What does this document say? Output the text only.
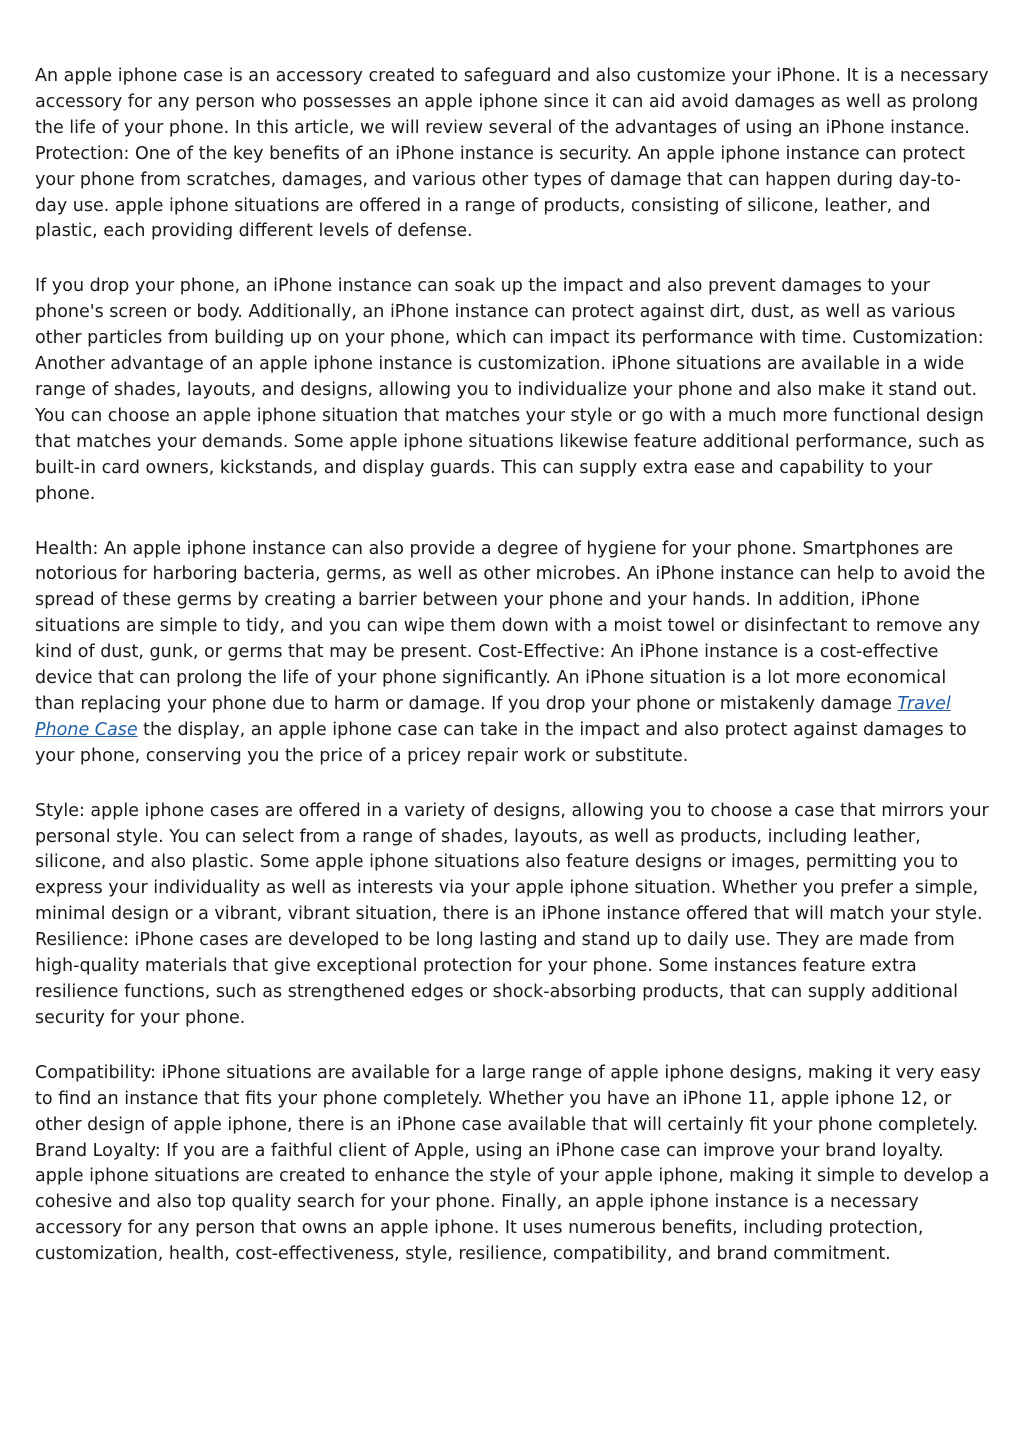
An apple iphone case is an accessory created to safeguard and also customize your iPhone. It is a necessary accessory for any person who possesses an apple iphone since it can aid avoid damages as well as prolong the life of your phone. In this article, we will review several of the advantages of using an iPhone instance. Protection: One of the key benefits of an iPhone instance is security. An apple iphone instance can protect your phone from scratches, damages, and various other types of damage that can happen during day-to-day use. apple iphone situations are offered in a range of products, consisting of silicone, leather, and plastic, each providing different levels of defense.

If you drop your phone, an iPhone instance can soak up the impact and also prevent damages to your phone's screen or body. Additionally, an iPhone instance can protect against dirt, dust, as well as various other particles from building up on your phone, which can impact its performance with time. Customization: Another advantage of an apple iphone instance is customization. iPhone situations are available in a wide range of shades, layouts, and designs, allowing you to individualize your phone and also make it stand out. You can choose an apple iphone situation that matches your style or go with a much more functional design that matches your demands. Some apple iphone situations likewise feature additional performance, such as built-in card owners, kickstands, and display guards. This can supply extra ease and capability to your phone.

Health: An apple iphone instance can also provide a degree of hygiene for your phone. Smartphones are notorious for harboring bacteria, germs, as well as other microbes. An iPhone instance can help to avoid the spread of these germs by creating a barrier between your phone and your hands. In addition, iPhone situations are simple to tidy, and you can wipe them down with a moist towel or disinfectant to remove any kind of dust, gunk, or germs that may be present. Cost-Effective: An iPhone instance is a cost-effective device that can prolong the life of your phone significantly. An iPhone situation is a lot more economical than replacing your phone due to harm or damage. If you drop your phone or mistakenly damage Travel Phone Case the display, an apple iphone case can take in the impact and also protect against damages to your phone, conserving you the price of a pricey repair work or substitute.

Style: apple iphone cases are offered in a variety of designs, allowing you to choose a case that mirrors your personal style. You can select from a range of shades, layouts, as well as products, including leather, silicone, and also plastic. Some apple iphone situations also feature designs or images, permitting you to express your individuality as well as interests via your apple iphone situation. Whether you prefer a simple, minimal design or a vibrant, vibrant situation, there is an iPhone instance offered that will match your style. Resilience: iPhone cases are developed to be long lasting and stand up to daily use. They are made from high-quality materials that give exceptional protection for your phone. Some instances feature extra resilience functions, such as strengthened edges or shock-absorbing products, that can supply additional security for your phone.

Compatibility: iPhone situations are available for a large range of apple iphone designs, making it very easy to find an instance that fits your phone completely. Whether you have an iPhone 11, apple iphone 12, or other design of apple iphone, there is an iPhone case available that will certainly fit your phone completely. Brand Loyalty: If you are a faithful client of Apple, using an iPhone case can improve your brand loyalty. apple iphone situations are created to enhance the style of your apple iphone, making it simple to develop a cohesive and also top quality search for your phone. Finally, an apple iphone instance is a necessary accessory for any person that owns an apple iphone. It uses numerous benefits, including protection, customization, health, cost-effectiveness, style, resilience, compatibility, and brand commitment.
